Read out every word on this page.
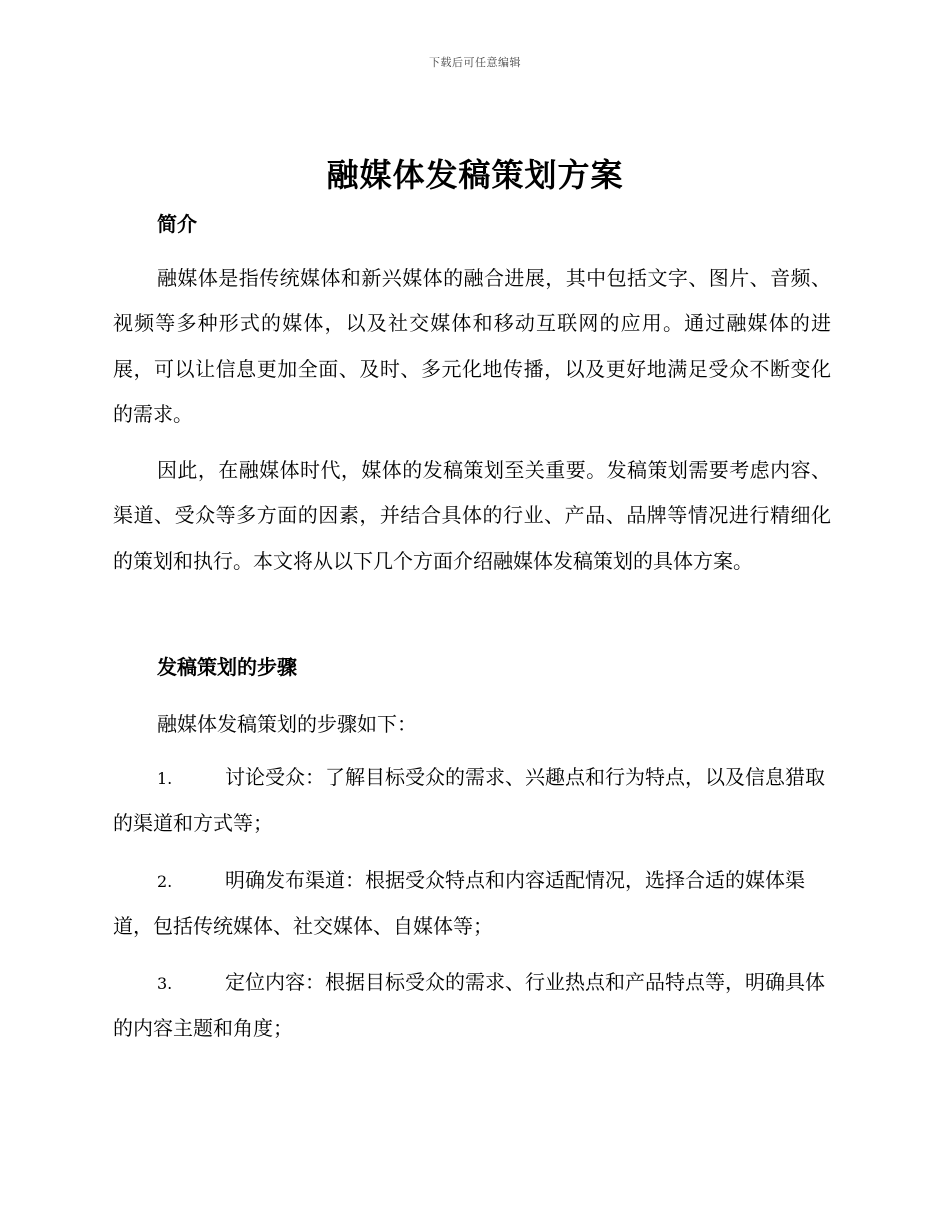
下载后可任意编辑
融媒体发稿策划方案
简介

融媒体是指传统媒体和新兴媒体的融合进展，其中包括文字、图片、音频、视频等多种形式的媒体，以及社交媒体和移动互联网的应用。通过融媒体的进展，可以让信息更加全面、及时、多元化地传播，以及更好地满足受众不断变化的需求。

因此，在融媒体时代，媒体的发稿策划至关重要。发稿策划需要考虑内容、渠道、受众等多方面的因素，并结合具体的行业、产品、品牌等情况进行精细化的策划和执行。本文将从以下几个方面介绍融媒体发稿策划的具体方案。

发稿策划的步骤
融媒体发稿策划的步骤如下：
1.	讨论受众：了解目标受众的需求、兴趣点和行为特点，以及信息猎取的渠道和方式等；
2.	明确发布渠道：根据受众特点和内容适配情况，选择合适的媒体渠道，包括传统媒体、社交媒体、自媒体等；
3.	定位内容：根据目标受众的需求、行业热点和产品特点等，明确具体的内容主题和角度；
